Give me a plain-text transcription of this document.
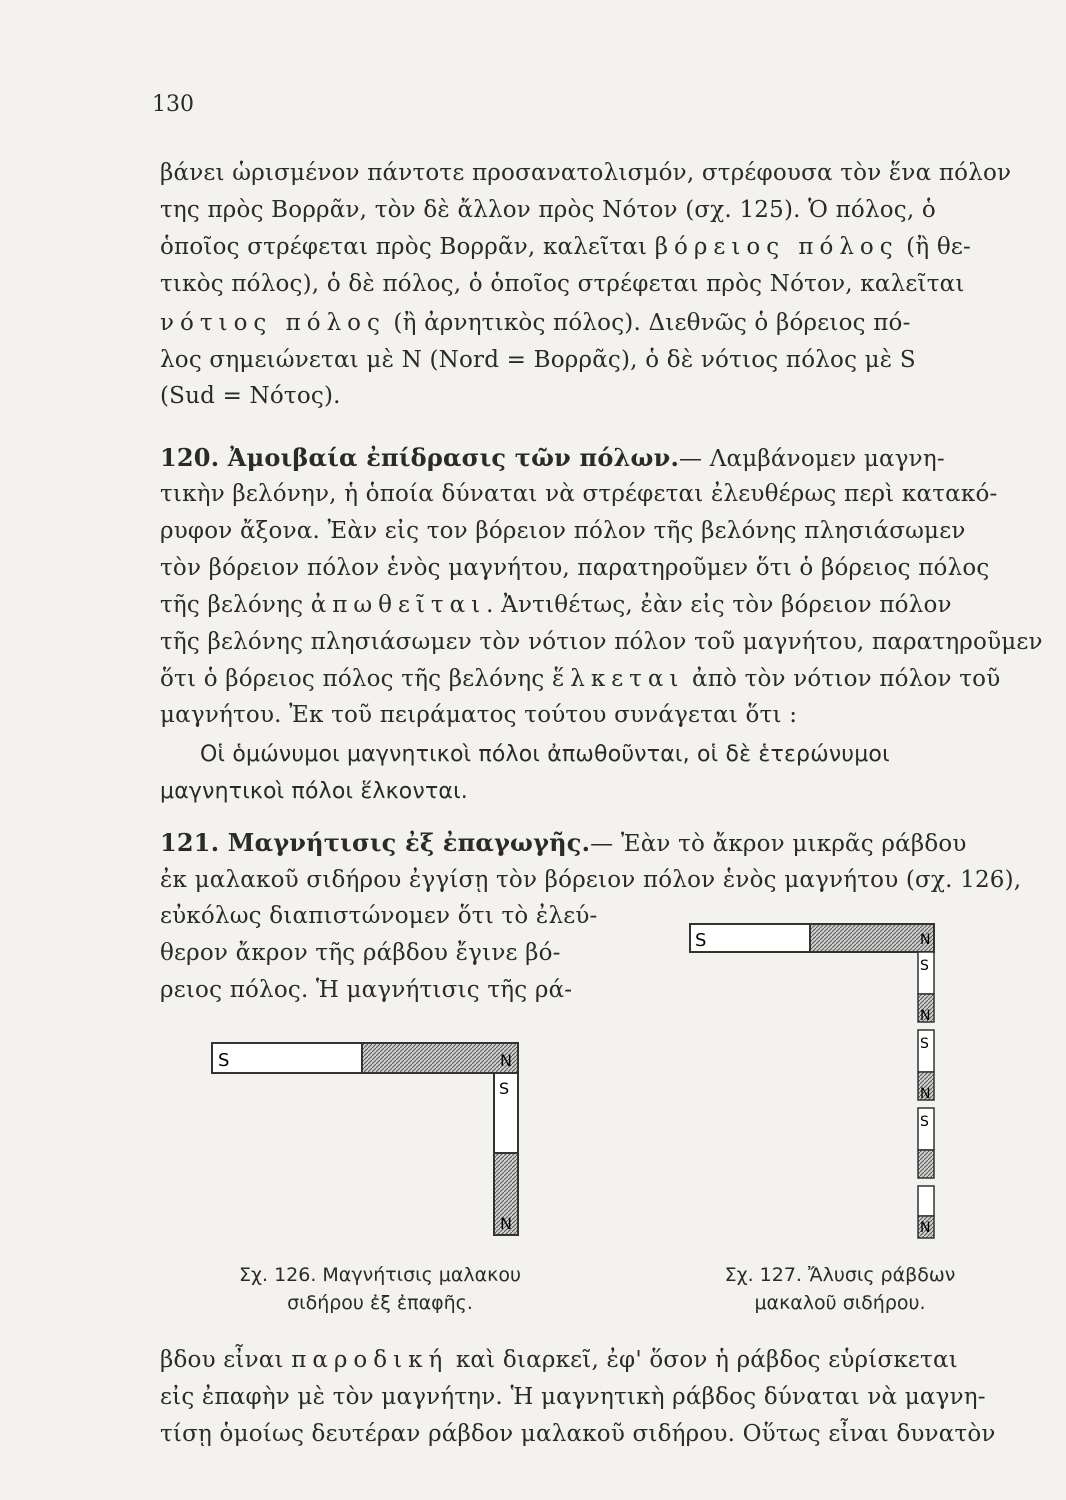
130
βάνει ὡρισμένον πάντοτε προσανατολισμόν, στρέφουσα τὸν ἕνα πόλον
της πρὸς Βορρᾶν, τὸν δὲ ἄλλον πρὸς Νότον (σχ. 125). Ὁ πόλος, ὁ
ὁποῖος στρέφεται πρὸς Βορρᾶν, καλεῖται βόρειος πόλος (ἢ θε-
τικὸς πόλος), ὁ δὲ πόλος, ὁ ὁποῖος στρέφεται πρὸς Νότον, καλεῖται
νότιος πόλος (ἢ ἀρνητικὸς πόλος). Διεθνῶς ὁ βόρειος πό-
λος σημειώνεται μὲ Ν (Nord = Βορρᾶς), ὁ δὲ νότιος πόλος μὲ S
(Sud = Νότος).
120. Ἀμοιβαία ἐπίδρασις τῶν πόλων.— Λαμβάνομεν μαγνη-
τικὴν βελόνην, ἡ ὁποία δύναται νὰ στρέφεται ἐλευθέρως περὶ κατακό-
ρυφον ἄξονα. Ἐὰν εἰς τον βόρειον πόλον τῆς βελόνης πλησιάσωμεν
τὸν βόρειον πόλον ἑνὸς μαγνήτου, παρατηροῦμεν ὅτι ὁ βόρειος πόλος
τῆς βελόνης ἀπωθεῖται. Ἀντιθέτως, ἐὰν εἰς τὸν βόρειον πόλον
τῆς βελόνης πλησιάσωμεν τὸν νότιον πόλον τοῦ μαγνήτου, παρατηροῦμεν
ὅτι ὁ βόρειος πόλος τῆς βελόνης ἕλκεται ἀπὸ τὸν νότιον πόλον τοῦ
μαγνήτου. Ἐκ τοῦ πειράματος τούτου συνάγεται ὅτι :
Οἱ ὁμώνυμοι μαγνητικοὶ πόλοι ἀπωθοῦνται, οἱ δὲ ἑτερώνυμοι
μαγνητικοὶ πόλοι ἕλκονται.
121. Μαγνήτισις ἐξ ἐπαγωγῆς.— Ἐὰν τὸ ἄκρον μικρᾶς ράβδου
ἐκ μαλακοῦ σιδήρου ἐγγίσῃ τὸν βόρειον πόλον ἑνὸς μαγνήτου (σχ. 126),
εὐκόλως διαπιστώνομεν ὅτι τὸ ἐλεύ-
θερον ἄκρον τῆς ράβδου ἔγινε βό-
ρειος πόλος. Ἡ μαγνήτισις τῆς ρά-
S	N
S
N
S	N
S
N
S
N
S
N
Σχ. 126. Μαγνήτισις μαλακου
σιδήρου ἐξ ἐπαφῆς.
Σχ. 127. Ἄλυσις ράβδων
μακαλοῦ σιδήρου.
βδου εἶναι παροδική καὶ διαρκεῖ, ἐφ' ὅσον ἡ ράβδος εὑρίσκεται
εἰς ἐπαφὴν μὲ τὸν μαγνήτην. Ἡ μαγνητικὴ ράβδος δύναται νὰ μαγνη-
τίσῃ ὁμοίως δευτέραν ράβδον μαλακοῦ σιδήρου. Οὕτως εἶναι δυνατὸν
